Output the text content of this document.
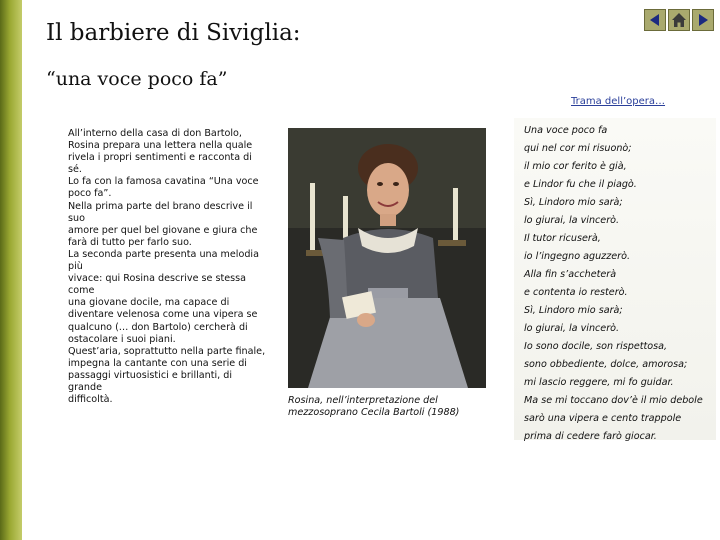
Il barbiere di Siviglia:
“una voce poco fa”
Trama dell’opera…

All’interno della casa di don Bartolo,
Rosina prepara una lettera nella quale
rivela i propri sentimenti e racconta di sé.
Lo fa con la famosa cavatina “Una voce
poco fa”.
Nella prima parte del brano descrive il suo
amore per quel bel giovane e giura che
farà di tutto per farlo suo.
La seconda parte presenta una melodia più
vivace: qui Rosina descrive se stessa come
una giovane docile, ma capace di
diventare velenosa come una vipera se
qualcuno (… don Bartolo) cercherà di
ostacolare i suoi piani.
Quest’aria, soprattutto nella parte finale,
impegna la cantante con una serie di
passaggi virtuosistici e brillanti, di grande
difficoltà.	Rosina, nell’interpretazione del
mezzosoprano Cecila Bartoli (1988)

Una voce poco fa
qui nel cor mi risuonò;
il mio cor ferito è già,
e Lindor fu che il piagò.
Sì, Lindoro mio sarà;
lo giurai, la vincerò.
Il tutor ricuserà,
io l’ingegno aguzzerò.
Alla fin s’accheterà
e contenta io resterò.
Sì, Lindoro mio sarà;
lo giurai, la vincerò.
Io sono docile, son rispettosa,
sono obbediente, dolce, amorosa;
mi lascio reggere, mi fo guidar.
Ma se mi toccano dov’è il mio debole
sarò una vipera e cento trappole
prima di cedere farò giocar.
